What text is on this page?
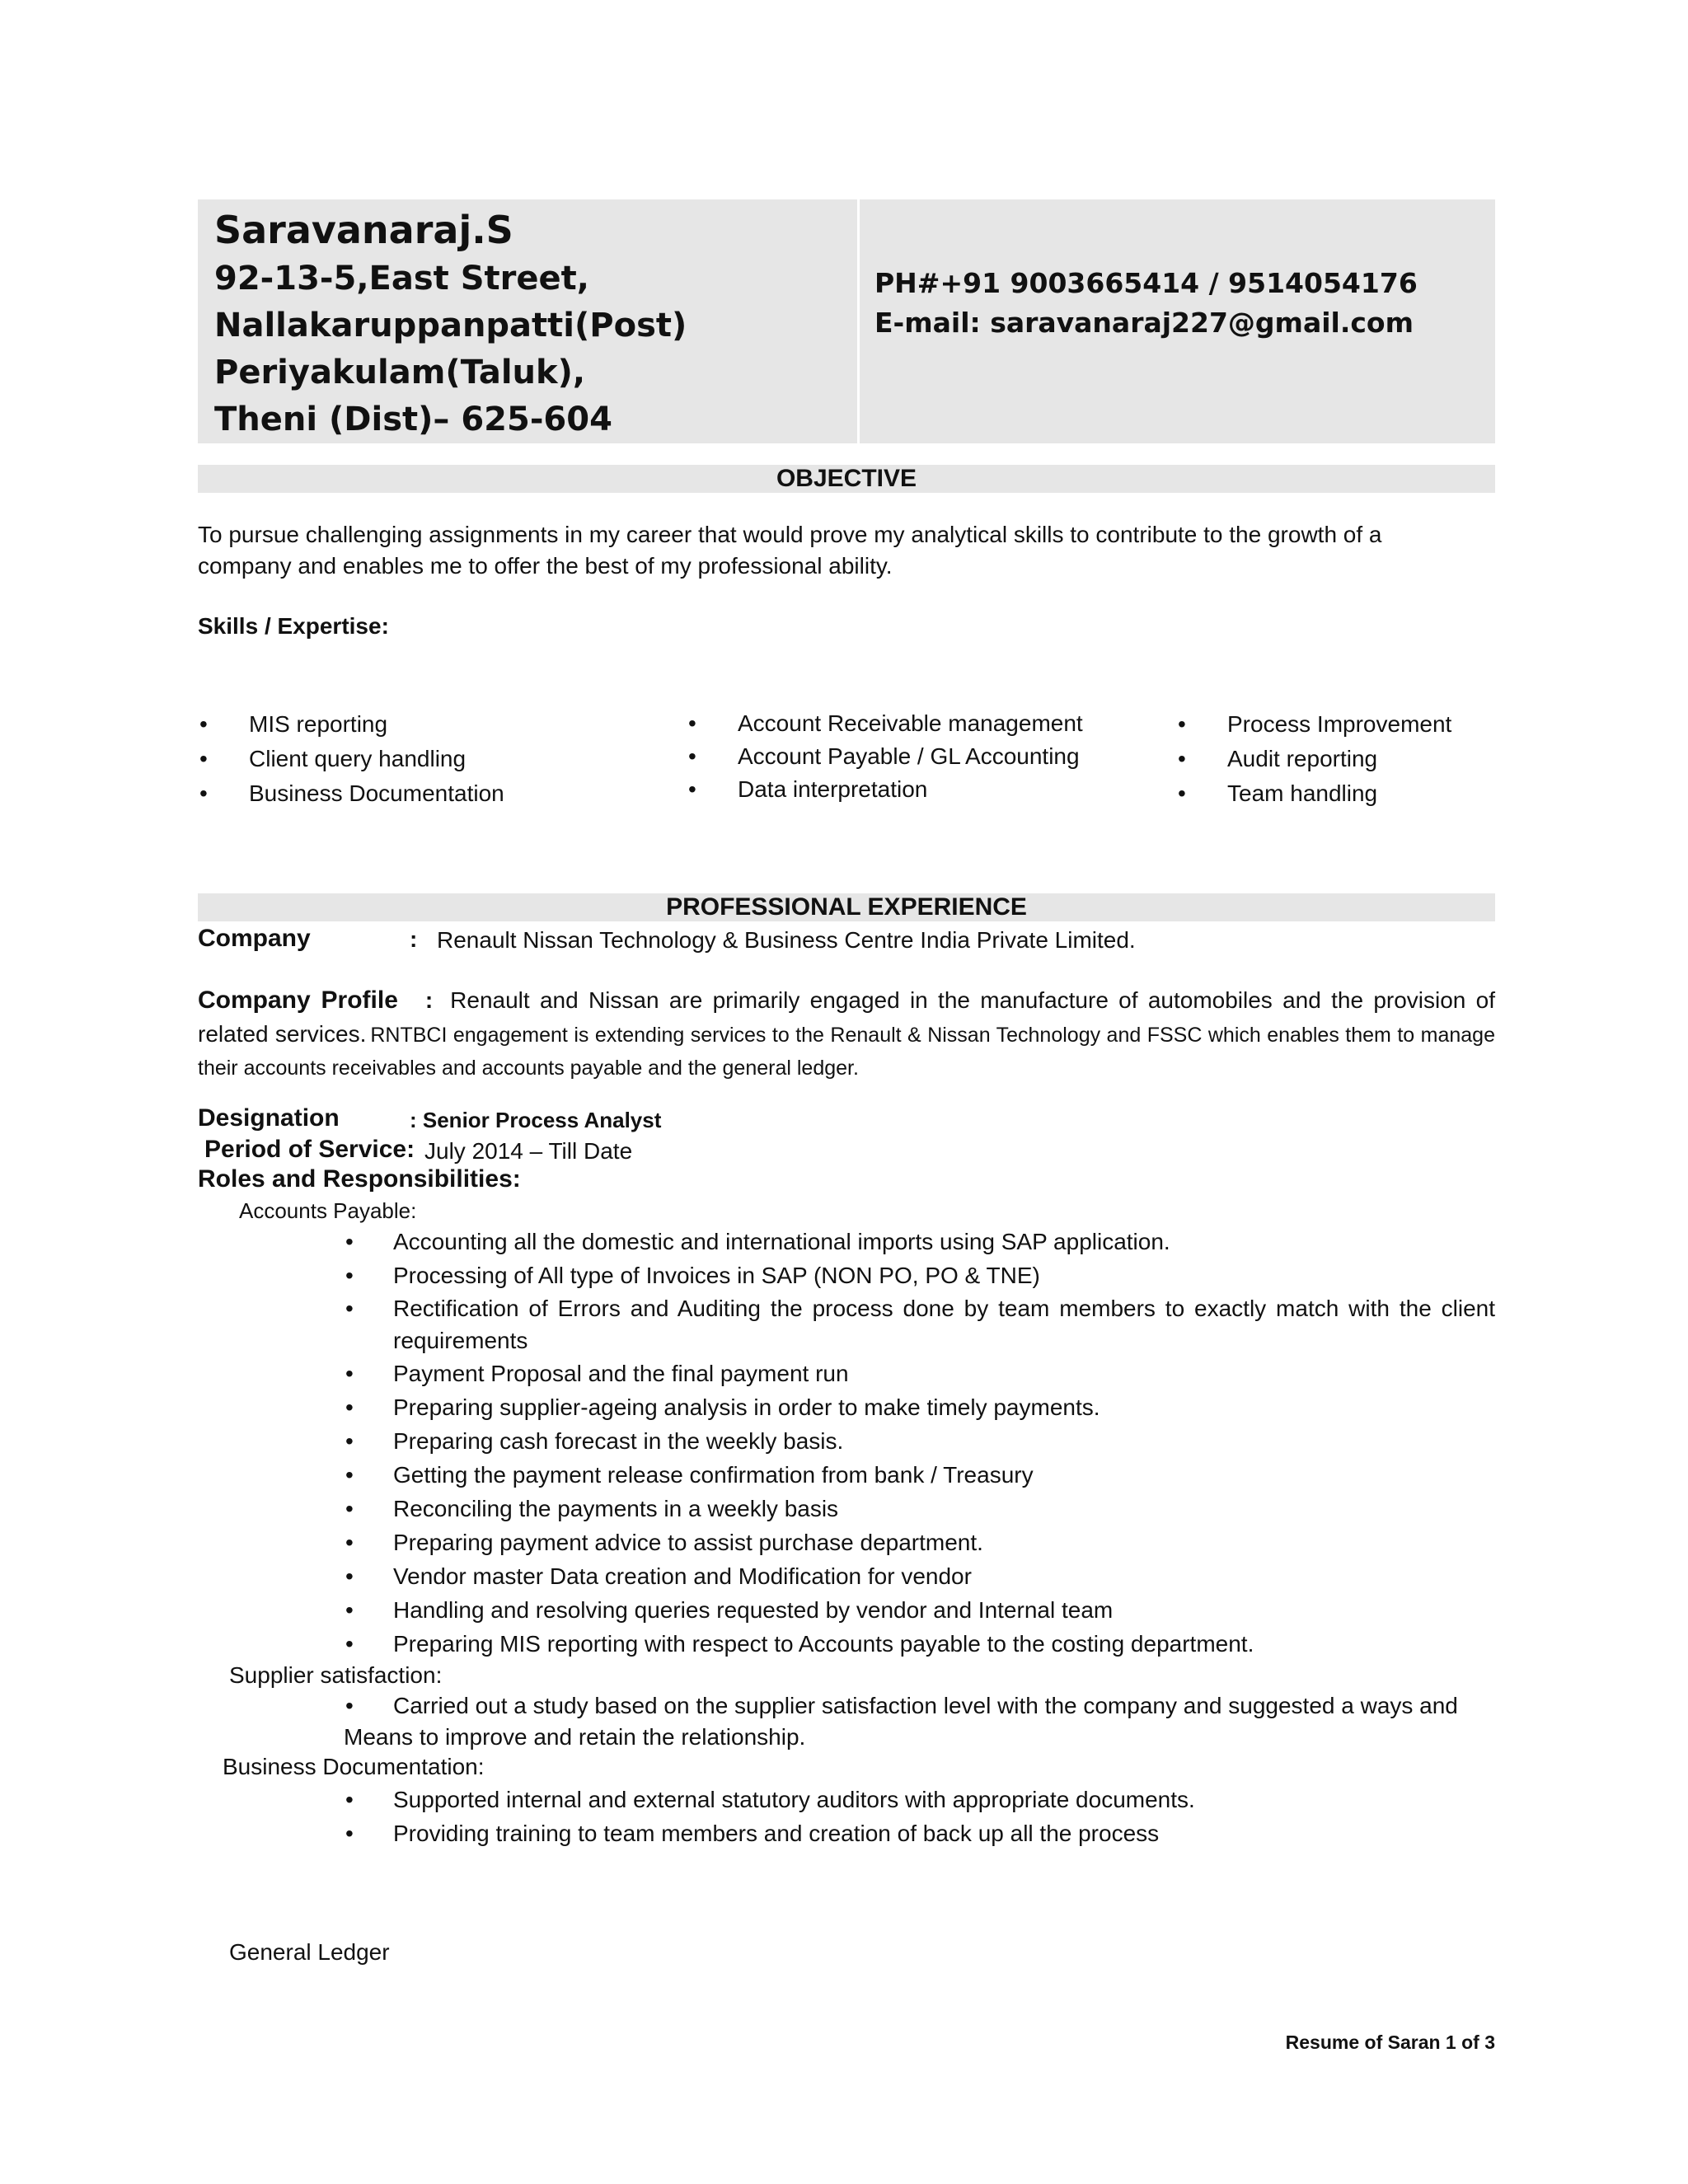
Saravanaraj.S
92-13-5,East Street,
Nallakaruppanpatti(Post)
Periyakulam(Taluk),
Theni (Dist)– 625-604
PH#+91 9003665414 / 9514054176
E-mail: saravanaraj227@gmail.com
OBJECTIVE
To pursue challenging assignments in my career that would prove my analytical skills to contribute to the growth of a company and enables me to offer the best of my professional ability.
Skills / Expertise:
• MIS reporting
• Client query handling
• Business Documentation
• Account Receivable management
• Account Payable / GL Accounting
• Data interpretation
• Process Improvement
• Audit reporting
• Team handling
PROFESSIONAL EXPERIENCE
Company	: Renault Nissan Technology & Business Centre India Private Limited.
Company Profile : Renault and Nissan are primarily engaged in the manufacture of automobiles and the provision of related services. RNTBCI engagement is extending services to the Renault & Nissan Technology and FSSC which enables them to manage their accounts receivables and accounts payable and the general ledger.
Designation	: Senior Process Analyst
Period of Service: July 2014 – Till Date
Roles and Responsibilities:
Accounts Payable:
• Accounting all the domestic and international imports using SAP application.
• Processing of All type of Invoices in SAP (NON PO, PO & TNE)
• Rectification of Errors and Auditing the process done by team members to exactly match with the client requirements
• Payment Proposal and the final payment run
• Preparing supplier-ageing analysis in order to make timely payments.
• Preparing cash forecast in the weekly basis.
• Getting the payment release confirmation from bank / Treasury
• Reconciling the payments in a weekly basis
• Preparing payment advice to assist purchase department.
• Vendor master Data creation and Modification for vendor
• Handling and resolving queries requested by vendor and Internal team
• Preparing MIS reporting with respect to Accounts payable to the costing department.
Supplier satisfaction:
• Carried out a study based on the supplier satisfaction level with the company and suggested a ways and
Means to improve and retain the relationship.
Business Documentation:
• Supported internal and external statutory auditors with appropriate documents.
• Providing training to team members and creation of back up all the process
General Ledger
Resume of Saran 1 of 3
